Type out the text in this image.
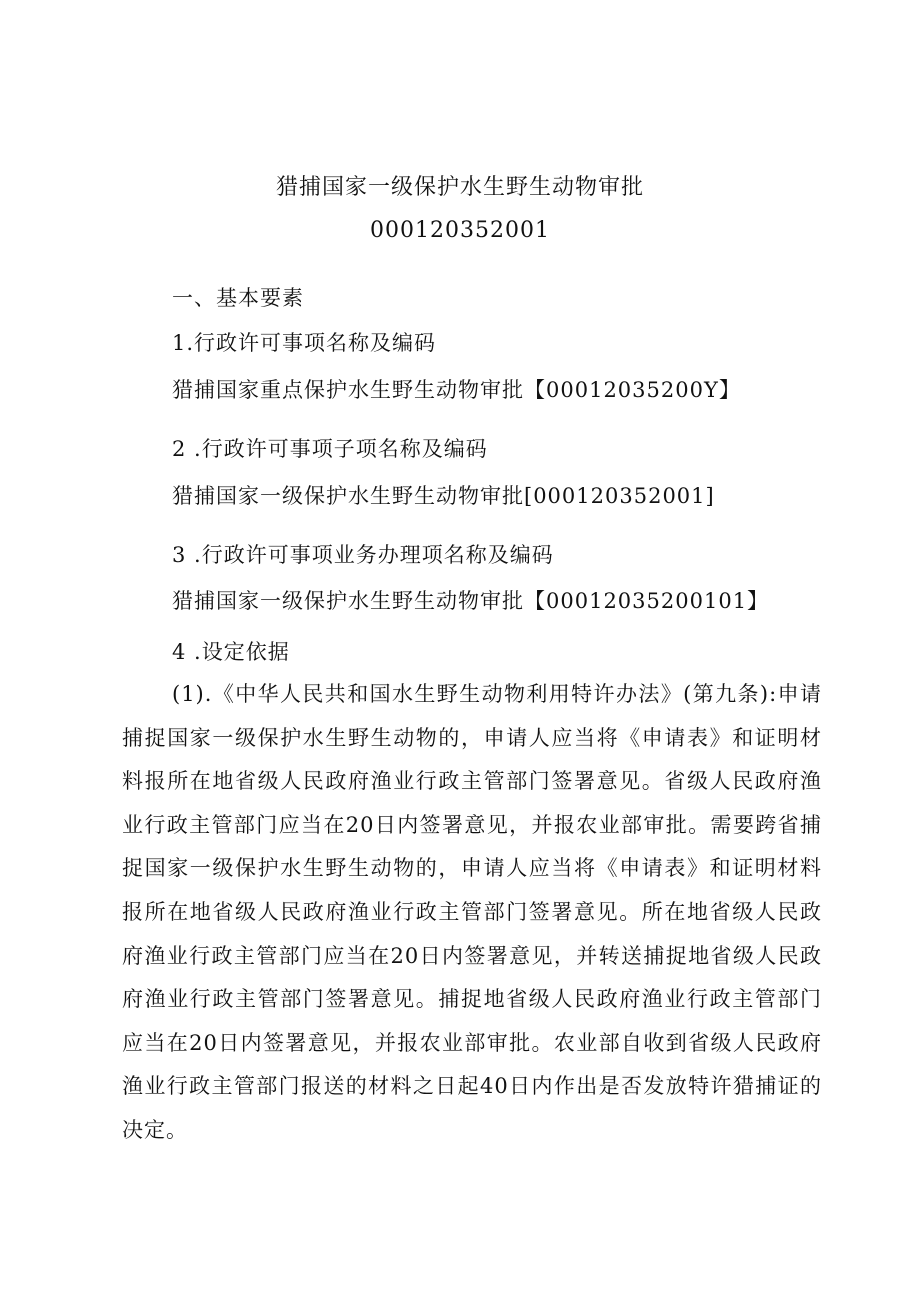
猎捕国家一级保护水生野生动物审批
000120352001
一、基本要素
1.行政许可事项名称及编码
猎捕国家重点保护水生野生动物审批【00012035200Y】
2 .行政许可事项子项名称及编码
猎捕国家一级保护水生野生动物审批[000120352001]
3 .行政许可事项业务办理项名称及编码
猎捕国家一级保护水生野生动物审批【00012035200101】
4 .设定依据
(1).《中华人民共和国水生野生动物利用特许办法》(第九条):申请捕捉国家一级保护水生野生动物的，申请人应当将《申请表》和证明材料报所在地省级人民政府渔业行政主管部门签署意见。省级人民政府渔业行政主管部门应当在20日内签署意见，并报农业部审批。需要跨省捕捉国家一级保护水生野生动物的，申请人应当将《申请表》和证明材料报所在地省级人民政府渔业行政主管部门签署意见。所在地省级人民政府渔业行政主管部门应当在20日内签署意见，并转送捕捉地省级人民政府渔业行政主管部门签署意见。捕捉地省级人民政府渔业行政主管部门应当在20日内签署意见，并报农业部审批。农业部自收到省级人民政府渔业行政主管部门报送的材料之日起40日内作出是否发放特许猎捕证的决定。
